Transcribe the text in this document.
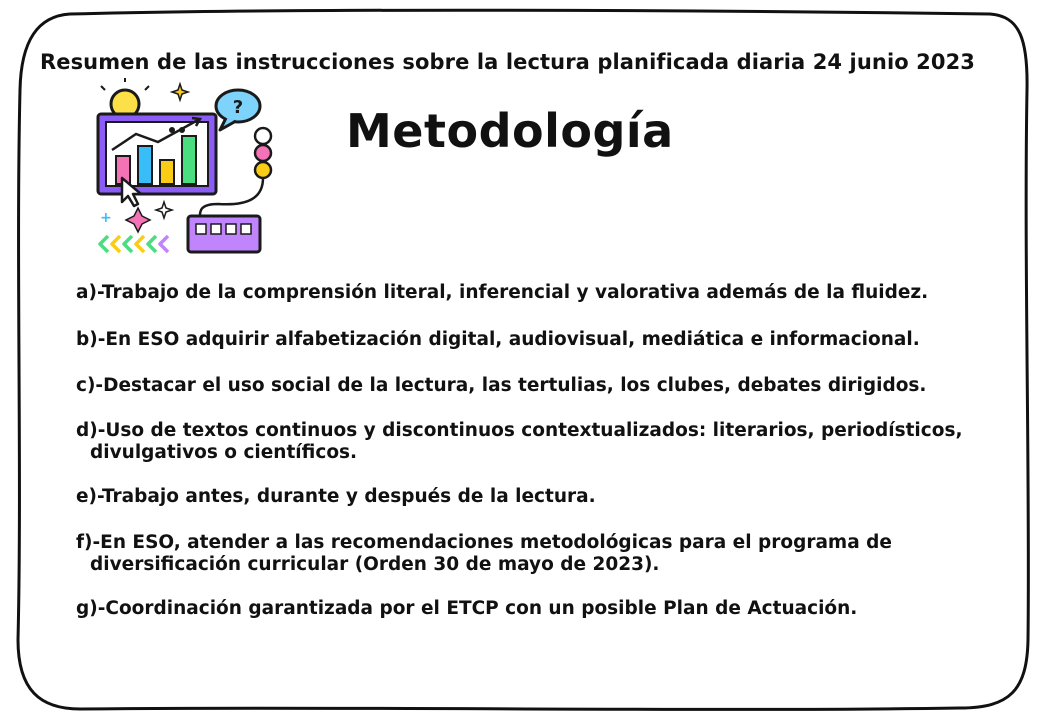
Resumen de las instrucciones sobre la lectura planificada diaria 24 junio 2023
?
+
Metodología
a)-Trabajo de la comprensión literal, inferencial y valorativa además de la fluidez.
b)-En ESO adquirir alfabetización digital, audiovisual, mediática e informacional.
c)-Destacar el uso social de la lectura, las tertulias, los clubes, debates dirigidos.
d)-Uso de textos continuos y discontinuos contextualizados: literarios, periodísticos,
divulgativos o científicos.
e)-Trabajo antes, durante y después de la lectura.
f)-En ESO, atender a las recomendaciones metodológicas para el programa de
diversificación curricular (Orden 30 de mayo de 2023).
g)-Coordinación garantizada por el ETCP con un posible Plan de Actuación.
